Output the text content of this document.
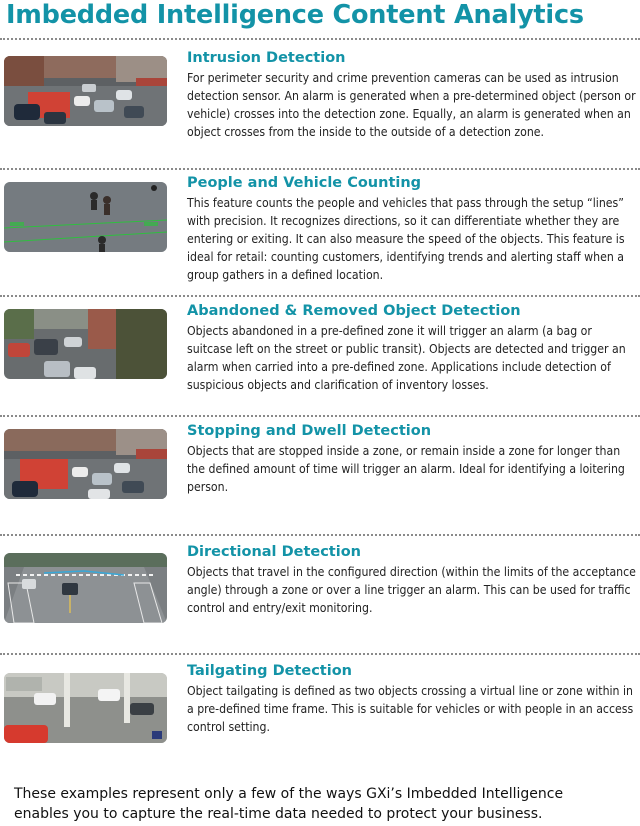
Imbedded Intelligence Content Analytics
Intrusion Detection

For perimeter security and crime prevention cameras can be used as intrusion detection sensor. An alarm is generated when a pre-determined object (person or vehicle) crosses into the detection zone. Equally, an alarm is generated when an object crosses from the inside to the outside of a detection zone.

People and Vehicle Counting

This feature counts the people and vehicles that pass through the setup “lines” with precision. It recognizes directions, so it can differentiate whether they are entering or exiting. It can also measure the speed of the objects. This feature is ideal for retail: counting customers, identifying trends and alerting staff when a group gathers in a defined location.

Abandoned & Removed Object Detection

Objects abandoned in a pre-defined zone it will trigger an alarm (a bag or suitcase left on the street or public transit). Objects are detected and trigger an alarm when carried into a pre-defined zone. Applications include detection of suspicious objects and clarification of inventory losses.

Stopping and Dwell Detection

Objects that are stopped inside a zone, or remain inside a zone for longer than the defined amount of time will trigger an alarm. Ideal for identifying a loitering person.

Directional Detection

Objects that travel in the configured direction (within the limits of the acceptance angle) through a zone or over a line trigger an alarm. This can be used for traffic control and entry/exit monitoring.

Tailgating Detection

Object tailgating is defined as two objects crossing a virtual line or zone within in a pre-defined time frame. This is suitable for vehicles or with people in an access control setting.

These examples represent only a few of the ways GXi’s Imbedded Intelligence enables you to capture the real-time data needed to protect your business.
